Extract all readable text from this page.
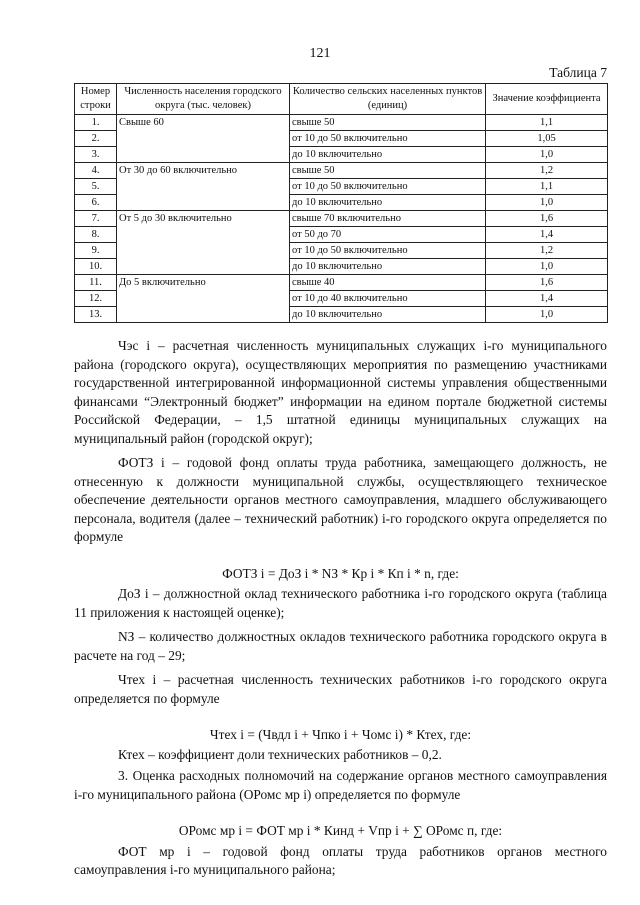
121
Таблица 7
Номер строки	Численность населения городского округа (тыс. человек)	Количество сельских населенных пунктов (единиц)	Значение коэффициента
1.	Свыше 60	свыше 50	1,1
2.		от 10 до 50 включительно	1,05
3.		до 10 включительно	1,0
4.	От 30 до 60 включительно	свыше 50	1,2
5.		от 10 до 50 включительно	1,1
6.		до 10 включительно	1,0
7.	От 5 до 30 включительно	свыше 70 включительно	1,6
8.		от 50 до 70	1,4
9.		от 10 до 50 включительно	1,2
10.		до 10 включительно	1,0
11.	До 5 включительно	свыше 40	1,6
12.		от 10 до 40 включительно	1,4
13.		до 10 включительно	1,0

Чэс i – расчетная численность муниципальных служащих i-го муниципального района (городского округа), осуществляющих мероприятия по размещению участниками государственной интегрированной информационной системы управления общественными финансами “Электронный бюджет” информации на едином портале бюджетной системы Российской Федерации, – 1,5 штатной единицы муниципальных служащих на муниципальный район (городской округ);

ФОТЗ i – годовой фонд оплаты труда работника, замещающего должность, не отнесенную к должности муниципальной службы, осуществляющего техническое обеспечение деятельности органов местного самоуправления, младшего обслуживающего персонала, водителя (далее – технический работник) i-го городского округа определяется по формуле

ФОТЗ i = ДоЗ i * NЗ * Кр i * Кп i * n, где:

ДоЗ i – должностной оклад технического работника i-го городского округа (таблица 11 приложения к настоящей оценке);

NЗ – количество должностных окладов технического работника городского округа в расчете на год – 29;

Чтех i – расчетная численность технических работников i-го городского округа определяется по формуле

Чтех i = (Чвдл i + Чпко i + Чомс i) * Ктех, где:

Ктех – коэффициент доли технических работников – 0,2.

3. Оценка расходных полномочий на содержание органов местного самоуправления i-го муниципального района (ОРомс мр i) определяется по формуле

ОРомс мр i = ФОТ мр i * Кинд + Vпр i + ∑ ОРомс п, где:

ФОТ мр i – годовой фонд оплаты труда работников органов местного самоуправления i-го муниципального района;
